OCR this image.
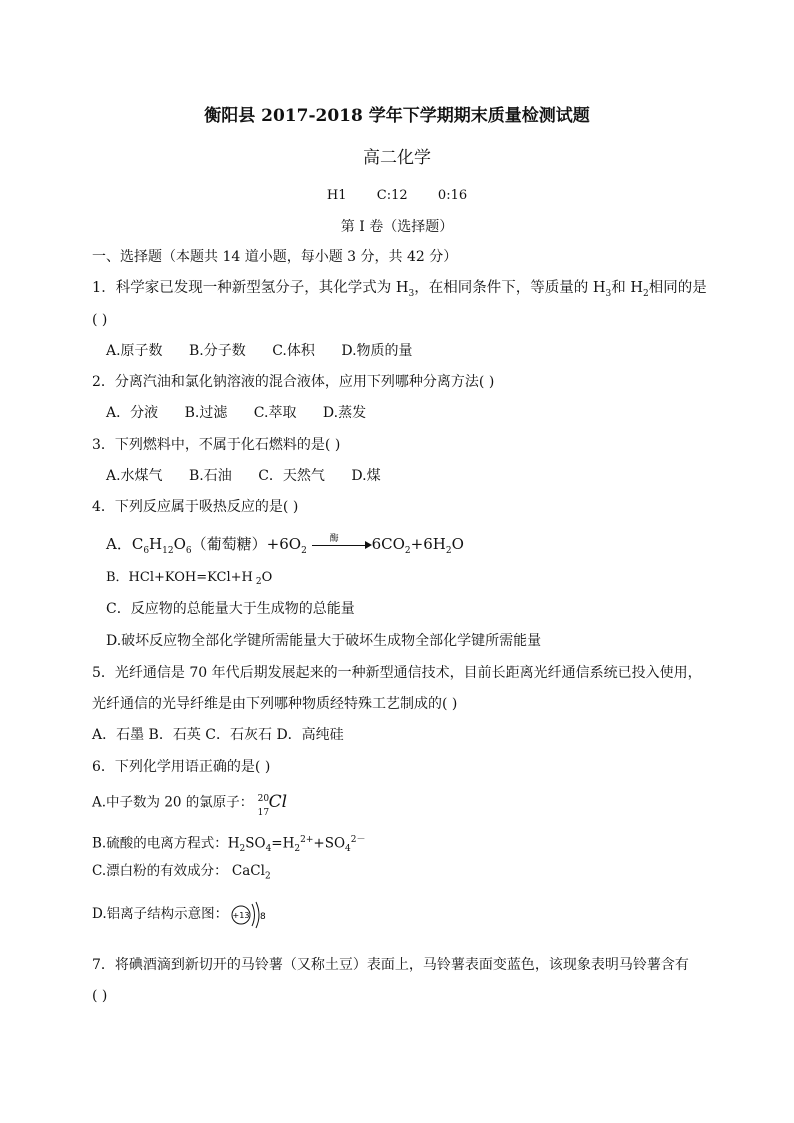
衡阳县 2017-2018 学年下学期期末质量检测试题
高二化学
H1 C:12 0:16
第 I 卷（选择题）
一、选择题（本题共 14 道小题，每小题 3 分，共 42 分）
1．科学家已发现一种新型氢分子，其化学式为 $H_3$，在相同条件下，等质量的 $H_3$和 $H_2$相同的是
( )
A.原子数 B.分子数 C.体积 D.物质的量
2．分离汽油和氯化钠溶液的混合液体，应用下列哪种分离方法( )
A．分液 B.过滤 C.萃取 D.蒸发
3．下列燃料中，不属于化石燃料的是( )
A.水煤气 B.石油 C．天然气 D.煤
4．下列反应属于吸热反应的是( )
A．$C_6H_{12}O_6$（葡萄糖）$+6O_2$
酶 $6CO_2+6H_2O$
B．HCl+KOH=KCl+H $_2$O
C．反应物的总能量大于生成物的总能量
D.破坏反应物全部化学键所需能量大于破坏生成物全部化学键所需能量
5．光纤通信是 70 年代后期发展起来的一种新型通信技术，目前长距离光纤通信系统已投入使用，
光纤通信的光导纤维是由下列哪种物质经特殊工艺制成的( )
A．石墨 B．石英 C．石灰石 D．高纯硅
6．下列化学用语正确的是( )
A.中子数为 20 的氯原子： 20
17
Cl
B.硫酸的电离方程式：$H_2SO_4=H_2^{2+}+SO_4^{2-}$
C.漂白粉的有效成分： CaCl$_2$
D.铝离子结构示意图： +13 8
7．将碘酒滴到新切开的马铃薯（又称土豆）表面上，马铃薯表面变蓝色，该现象表明马铃薯含有
( )
